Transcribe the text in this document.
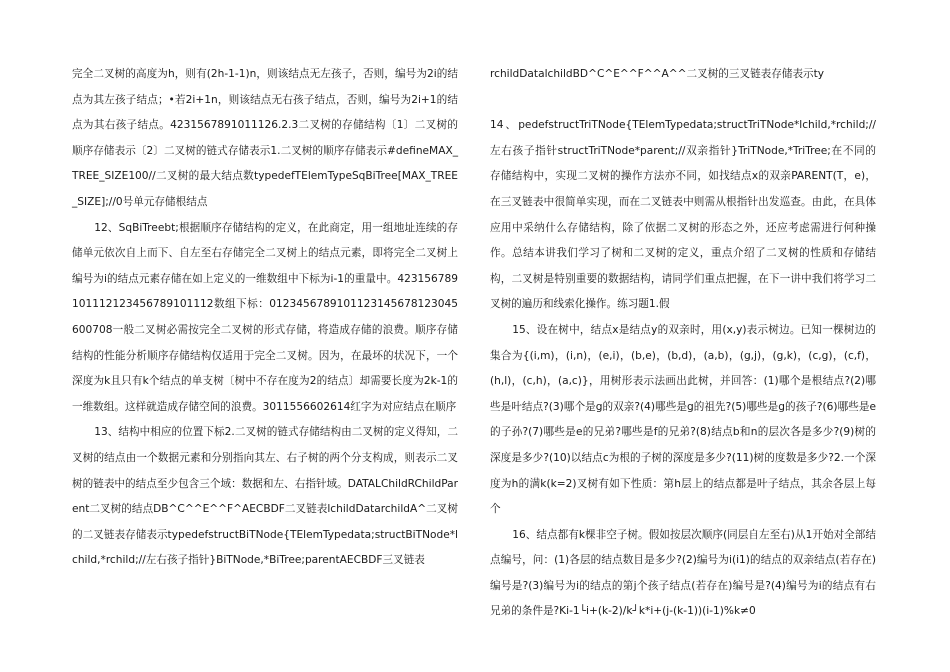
完全二叉树的高度为h，则有(2h-1-1)n，则该结点无左孩子，否则，编号为2i的结点为其左孩子结点；•若2i+1n，则该结点无右孩子结点，否则，编号为2i+1的结点为其右孩子结点。4231567891011126.2.3二叉树的存储结构〔1〕二叉树的顺序存储表示〔2〕二叉树的链式存储表示1.二叉树的顺序存储表示#defineMAX_TREE_SIZE100//二叉树的最大结点数typedefTElemTypeSqBiTree[MAX_TREE_SIZE];//0号单元存储根结点

12、SqBiTreebt;根据顺序存储结构的定义，在此商定，用一组地址连续的存储单元依次自上而下、自左至右存储完全二叉树上的结点元素，即将完全二叉树上编号为i的结点元素存储在如上定义的一维数组中下标为i-1的重量中。423156789101112123456789101112数组下标：0123456789101123145678123045600708一般二叉树必需按完全二叉树的形式存储，将造成存储的浪费。顺序存储结构的性能分析顺序存储结构仅适用于完全二叉树。因为，在最坏的状况下，一个深度为k且只有k个结点的单支树〔树中不存在度为2的结点〕却需要长度为2k-1的一维数组。这样就造成存储空间的浪费。3011556602614红字为对应结点在顺序

13、结构中相应的位置下标2.二叉树的链式存储结构由二叉树的定义得知，二叉树的结点由一个数据元素和分别指向其左、右子树的两个分支构成，则表示二叉树的链表中的结点至少包含三个域：数据和左、右指针域。DATALChildRChildParent二叉树的结点DB^C^^E^^F^AECBDF二叉链表lchildDatarchildA^二叉树的二叉链表存储表示typedefstructBiTNode{TElemTypedata;structBiTNode*lchild,*rchild;//左右孩子指针}BiTNode,*BiTree;parentAECBDF三叉链表

rchildDatalchildBD^C^E^^F^^A^^二叉树的三叉链表存储表示ty

14、pedefstructTriTNode{TElemTypedata;structTriTNode*lchild,*rchild;//左右孩子指针structTriTNode*parent;//双亲指针}TriTNode,*TriTree;在不同的存储结构中，实现二叉树的操作方法亦不同，如找结点x的双亲PARENT(T，e)，在三叉链表中很简单实现，而在二叉链表中则需从根指针出发巡查。由此，在具体应用中采纳什么存储结构，除了依据二叉树的形态之外，还应考虑需进行何种操作。总结本讲我们学习了树和二叉树的定义，重点介绍了二叉树的性质和存储结构，二叉树是特别重要的数据结构，请同学们重点把握，在下一讲中我们将学习二叉树的遍历和线索化操作。练习题1.假

15、设在树中，结点x是结点y的双亲时，用(x,y)表示树边。已知一棵树边的集合为{(i,m)，(i,n)，(e,i)，(b,e)，(b,d)，(a,b)，(g,j)，(g,k)，(c,g)，(c,f)，(h,l)，(c,h)，(a,c)}，用树形表示法画出此树，并回答：(1)哪个是根结点?(2)哪些是叶结点?(3)哪个是g的双亲?(4)哪些是g的祖先?(5)哪些是g的孩子?(6)哪些是e的子孙?(7)哪些是e的兄弟?哪些是f的兄弟?(8)结点b和n的层次各是多少?(9)树的深度是多少?(10)以结点c为根的子树的深度是多少?(11)树的度数是多少?2.一个深度为h的满k(k=2)叉树有如下性质：第h层上的结点都是叶子结点，其余各层上每个

16、结点都有k棵非空子树。假如按层次顺序(同层自左至右)从1开始对全部结点编号，问：(1)各层的结点数目是多少?(2)编号为i(i1)的结点的双亲结点(若存在)编号是?(3)编号为i的结点的第j个孩子结点(若存在)编号是?(4)编号为i的结点有右兄弟的条件是?Ki-1└i+(k-2)/k┘k*i+(j-(k-1))(i-1)%k≠0
